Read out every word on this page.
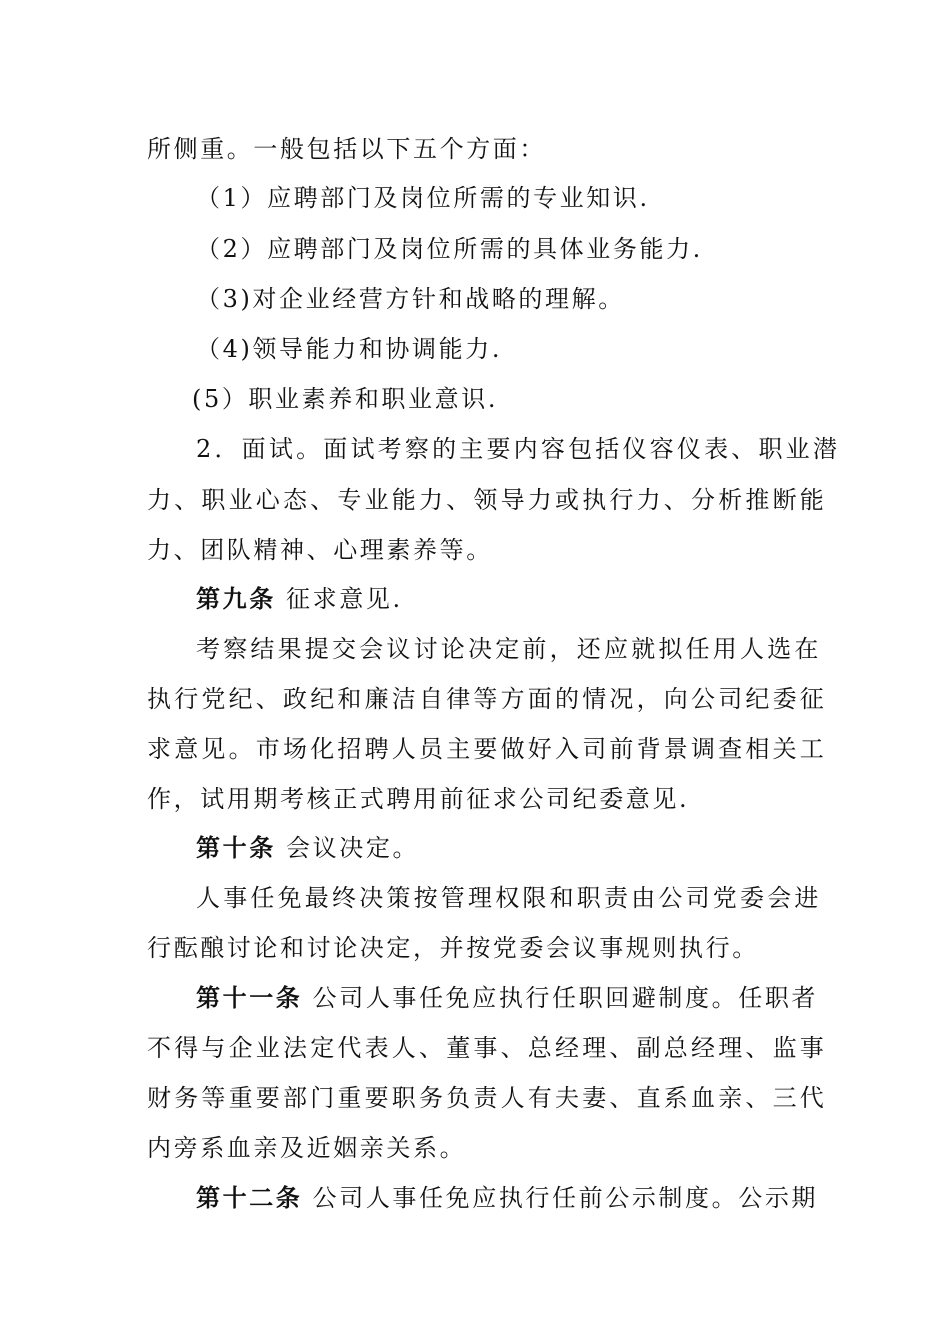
所侧重。一般包括以下五个方面：
（1）应聘部门及岗位所需的专业知识.
（2）应聘部门及岗位所需的具体业务能力.
（3)对企业经营方针和战略的理解。
（4)领导能力和协调能力.
(5）职业素养和职业意识.
2．面试。面试考察的主要内容包括仪容仪表、职业潜
力、职业心态、专业能力、领导力或执行力、分析推断能
力、团队精神、心理素养等。
第九条 征求意见.
考察结果提交会议讨论决定前，还应就拟任用人选在
执行党纪、政纪和廉洁自律等方面的情况，向公司纪委征
求意见。市场化招聘人员主要做好入司前背景调查相关工
作，试用期考核正式聘用前征求公司纪委意见.
第十条 会议决定。
人事任免最终决策按管理权限和职责由公司党委会进
行酝酿讨论和讨论决定，并按党委会议事规则执行。
第十一条 公司人事任免应执行任职回避制度。任职者
不得与企业法定代表人、董事、总经理、副总经理、监事
财务等重要部门重要职务负责人有夫妻、直系血亲、三代
内旁系血亲及近姻亲关系。
第十二条 公司人事任免应执行任前公示制度。公示期
